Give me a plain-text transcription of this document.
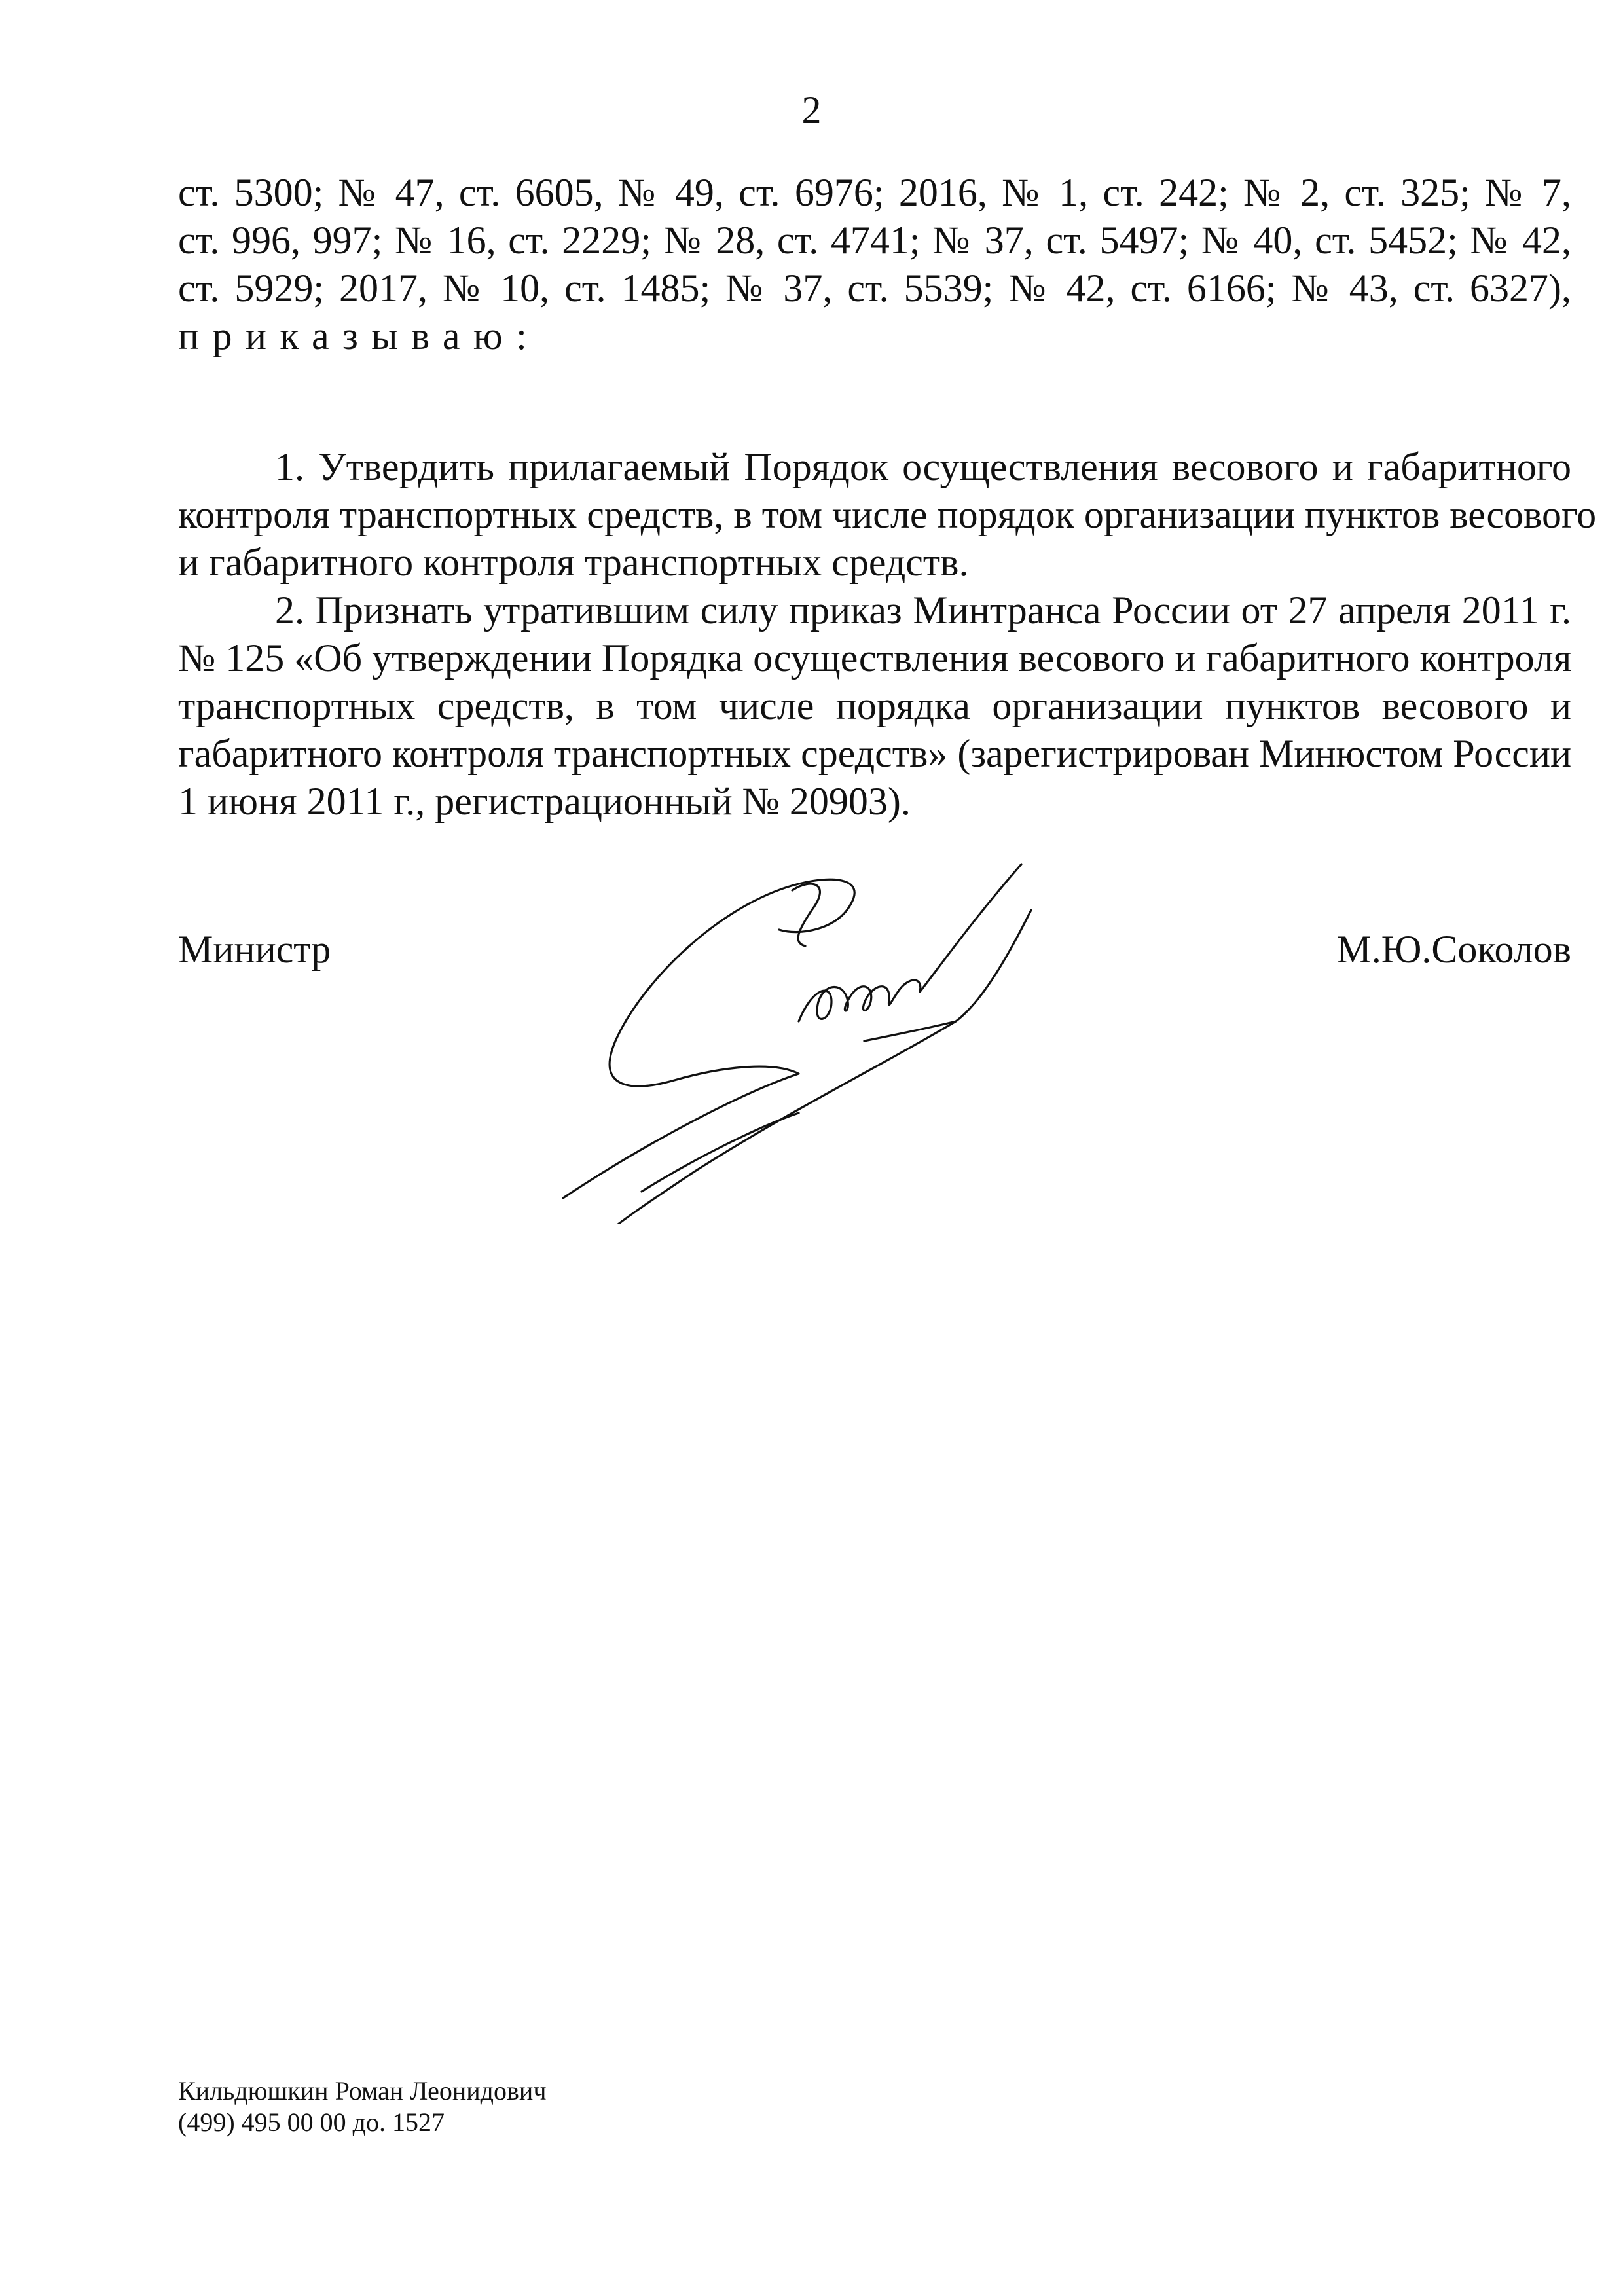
2
ст. 5300; № 47, ст. 6605, № 49, ст. 6976; 2016, № 1, ст. 242; № 2, ст. 325; № 7,
ст. 996, 997; № 16, ст. 2229; № 28, ст. 4741; № 37, ст. 5497; № 40, ст. 5452; № 42,
ст. 5929; 2017, № 10, ст. 1485; № 37, ст. 5539; № 42, ст. 6166; № 43, ст. 6327),
приказываю:
1. Утвердить прилагаемый Порядок осуществления весового и габаритного
контроля транспортных средств, в том числе порядок организации пунктов весового
и габаритного контроля транспортных средств.
2. Признать утратившим силу приказ Минтранса России от 27 апреля 2011 г.
№ 125 «Об утверждении Порядка осуществления весового и габаритного контроля
транспортных средств, в том числе порядка организации пунктов весового и
габаритного контроля транспортных средств» (зарегистрирован Минюстом России
1 июня 2011 г., регистрационный № 20903).
Министр	М.Ю.Соколов
Кильдюшкин Роман Леонидович
(499) 495 00 00 до. 1527
